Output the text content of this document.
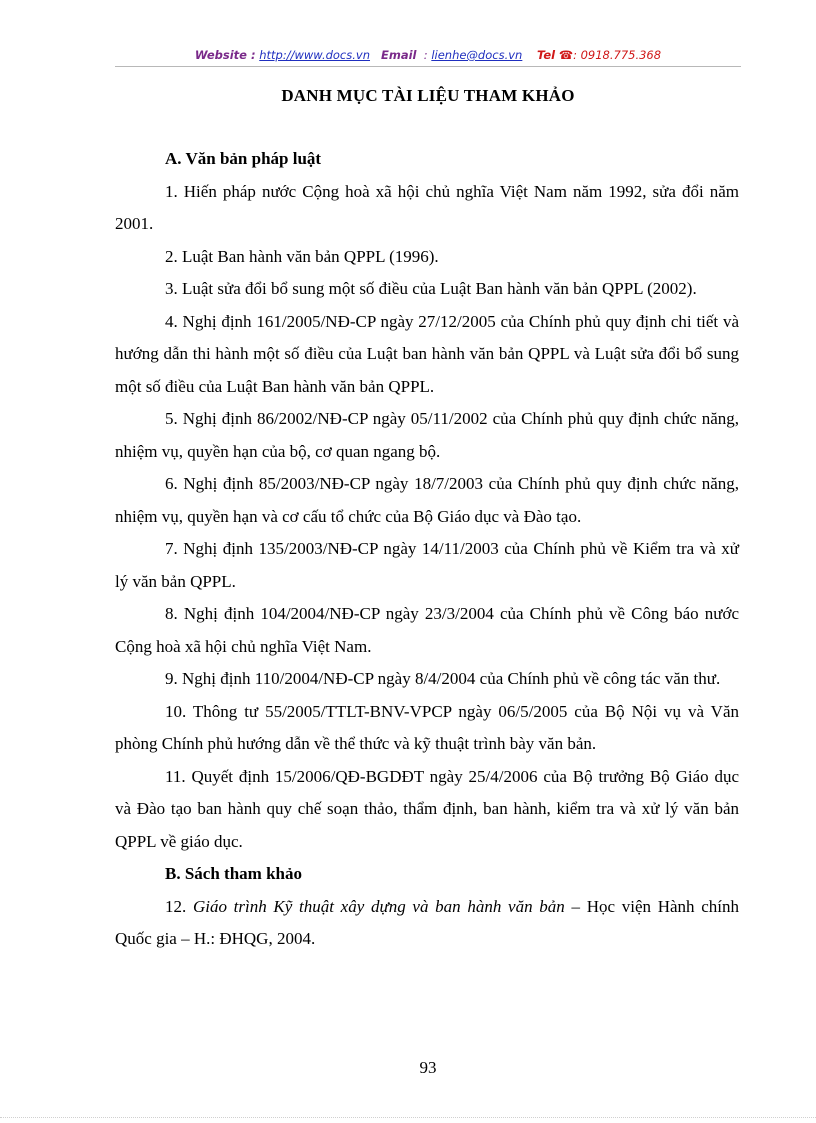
Website : http://www.docs.vn Email : lienhe@docs.vn Tel ☎: 0918.775.368
DANH MỤC TÀI LIỆU THAM KHẢO

A. Văn bản pháp luật

1. Hiến pháp nước Cộng hoà xã hội chủ nghĩa Việt Nam năm 1992, sửa đổi năm 2001.

2. Luật Ban hành văn bản QPPL (1996).

3. Luật sửa đổi bổ sung một số điều của Luật Ban hành văn bản QPPL (2002).

4. Nghị định 161/2005/NĐ-CP ngày 27/12/2005 của Chính phủ quy định chi tiết và hướng dẫn thi hành một số điều của Luật ban hành văn bản QPPL và Luật sửa đổi bổ sung một số điều của Luật Ban hành văn bản QPPL.

5. Nghị định 86/2002/NĐ-CP ngày 05/11/2002 của Chính phủ quy định chức năng, nhiệm vụ, quyền hạn của bộ, cơ quan ngang bộ.

6. Nghị định 85/2003/NĐ-CP ngày 18/7/2003 của Chính phủ quy định chức năng, nhiệm vụ, quyền hạn và cơ cấu tổ chức của Bộ Giáo dục và Đào tạo.

7. Nghị định 135/2003/NĐ-CP ngày 14/11/2003 của Chính phủ về Kiểm tra và xử lý văn bản QPPL.

8. Nghị định 104/2004/NĐ-CP ngày 23/3/2004 của Chính phủ về Công báo nước Cộng hoà xã hội chủ nghĩa Việt Nam.

9. Nghị định 110/2004/NĐ-CP ngày 8/4/2004 của Chính phủ về công tác văn thư.

10. Thông tư 55/2005/TTLT-BNV-VPCP ngày 06/5/2005 của Bộ Nội vụ và Văn phòng Chính phủ hướng dẫn về thể thức và kỹ thuật trình bày văn bản.

11. Quyết định 15/2006/QĐ-BGDĐT ngày 25/4/2006 của Bộ trưởng Bộ Giáo dục và Đào tạo ban hành quy chế soạn thảo, thẩm định, ban hành, kiểm tra và xử lý văn bản QPPL về giáo dục.

B. Sách tham khảo

12. Giáo trình Kỹ thuật xây dựng và ban hành văn bản – Học viện Hành chính Quốc gia – H.: ĐHQG, 2004.

93
